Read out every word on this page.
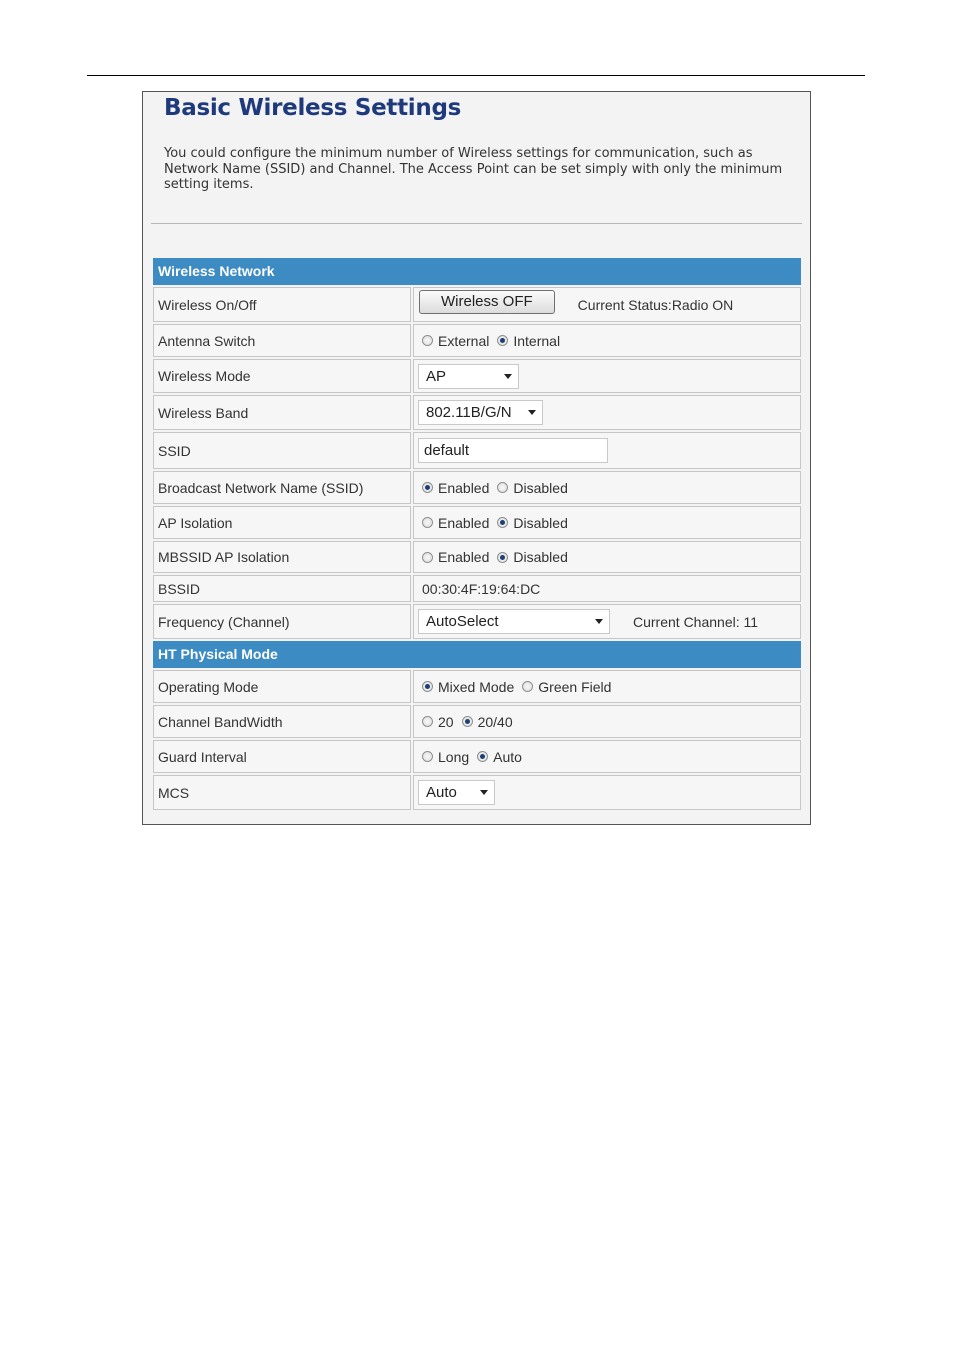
Basic Wireless Settings
You could configure the minimum number of Wireless settings for communication, such as Network Name (SSID) and Channel. The Access Point can be set simply with only the minimum setting items.
Wireless Network
Wireless On/Off	Wireless OFF	Current Status:Radio ON
Antenna Switch	External Internal
Wireless Mode	AP
Wireless Band	802.11B/G/N
SSID	default
Broadcast Network Name (SSID)	Enabled Disabled
AP Isolation	Enabled Disabled
MBSSID AP Isolation	Enabled Disabled
BSSID	00:30:4F:19:64:DC
Frequency (Channel)	AutoSelect	Current Channel: 11
HT Physical Mode
Operating Mode	Mixed Mode Green Field
Channel BandWidth	20 20/40
Guard Interval	Long Auto
MCS	Auto
